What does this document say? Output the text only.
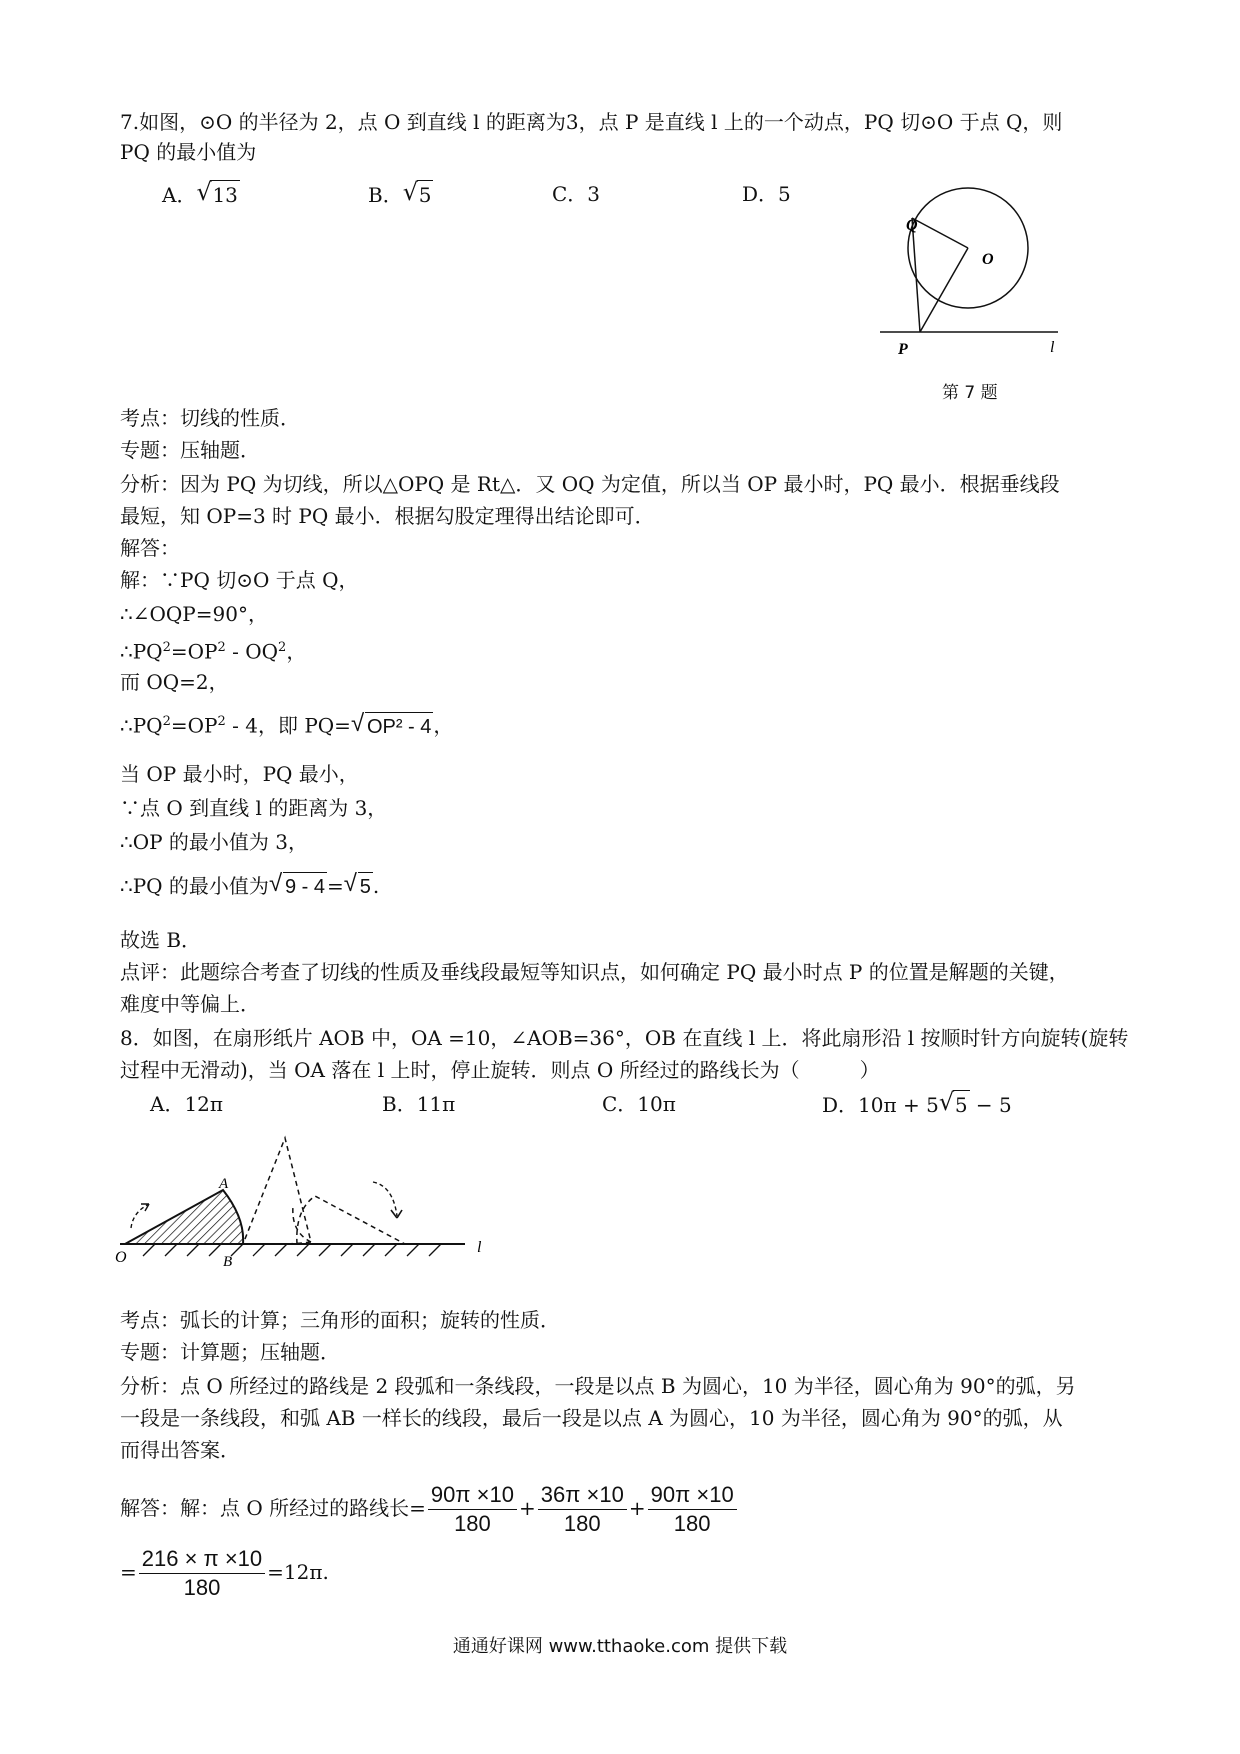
7.如图，⊙O 的半径为 2，点 O 到直线 l 的距离为3，点 P 是直线 l 上的一个动点，PQ 切⊙O 于点 Q，则
PQ 的最小值为
A． √ 13	B． √ 5	C．3	D．5
Q
O
P	l
第 7 题
考点：切线的性质．
专题：压轴题．
分析：因为 PQ 为切线，所以△OPQ 是 Rt△．又 OQ 为定值，所以当 OP 最小时，PQ 最小．根据垂线段
最短，知 OP=3 时 PQ 最小．根据勾股定理得出结论即可．
解答：
解：∵PQ 切⊙O 于点 Q，
∴∠OQP=90°，
$\therefore PQ^2=OP^2 - OQ^2$，
而 OQ=2，
$\therefore PQ^2=OP^2 - 4$，即 PQ= √ OP² - 4 ，
当 OP 最小时，PQ 最小，
∵点 O 到直线 l 的距离为 3，
∴OP 的最小值为 3，
∴PQ 的最小值为 √ 9 - 4 = √ 5 .
故选 B．
点评：此题综合考查了切线的性质及垂线段最短等知识点，如何确定 PQ 最小时点 P 的位置是解题的关键，
难度中等偏上．
8．如图，在扇形纸片 AOB 中，OA =10，∠AOB=36°，OB 在直线 l 上．将此扇形沿 l 按顺时针方向旋转(旋转
过程中无滑动)，当 OA 落在 l 上时，停止旋转．则点 O 所经过的路线长为（　　　）
A．12π	B．11π	C．10π	D．10π + 5 √ 5 − 5
O
A
B
l
考点：弧长的计算；三角形的面积；旋转的性质．
专题：计算题；压轴题．
分析：点 O 所经过的路线是 2 段弧和一条线段，一段是以点 B 为圆心，10 为半径，圆心角为 90°的弧，另
一段是一条线段，和弧 AB 一样长的线段，最后一段是以点 A 为圆心，10 为半径，圆心角为 90°的弧，从
而得出答案．
解答：解：点 O 所经过的路线长= $\frac{90\pi \times 10}{180} + \frac{36\pi \times 10}{180} + \frac{90\pi \times 10}{180}$
= $\frac{216 \times \pi \times 10}{180} =12\pi$.
通通好课网 www.tthaoke.com 提供下载
